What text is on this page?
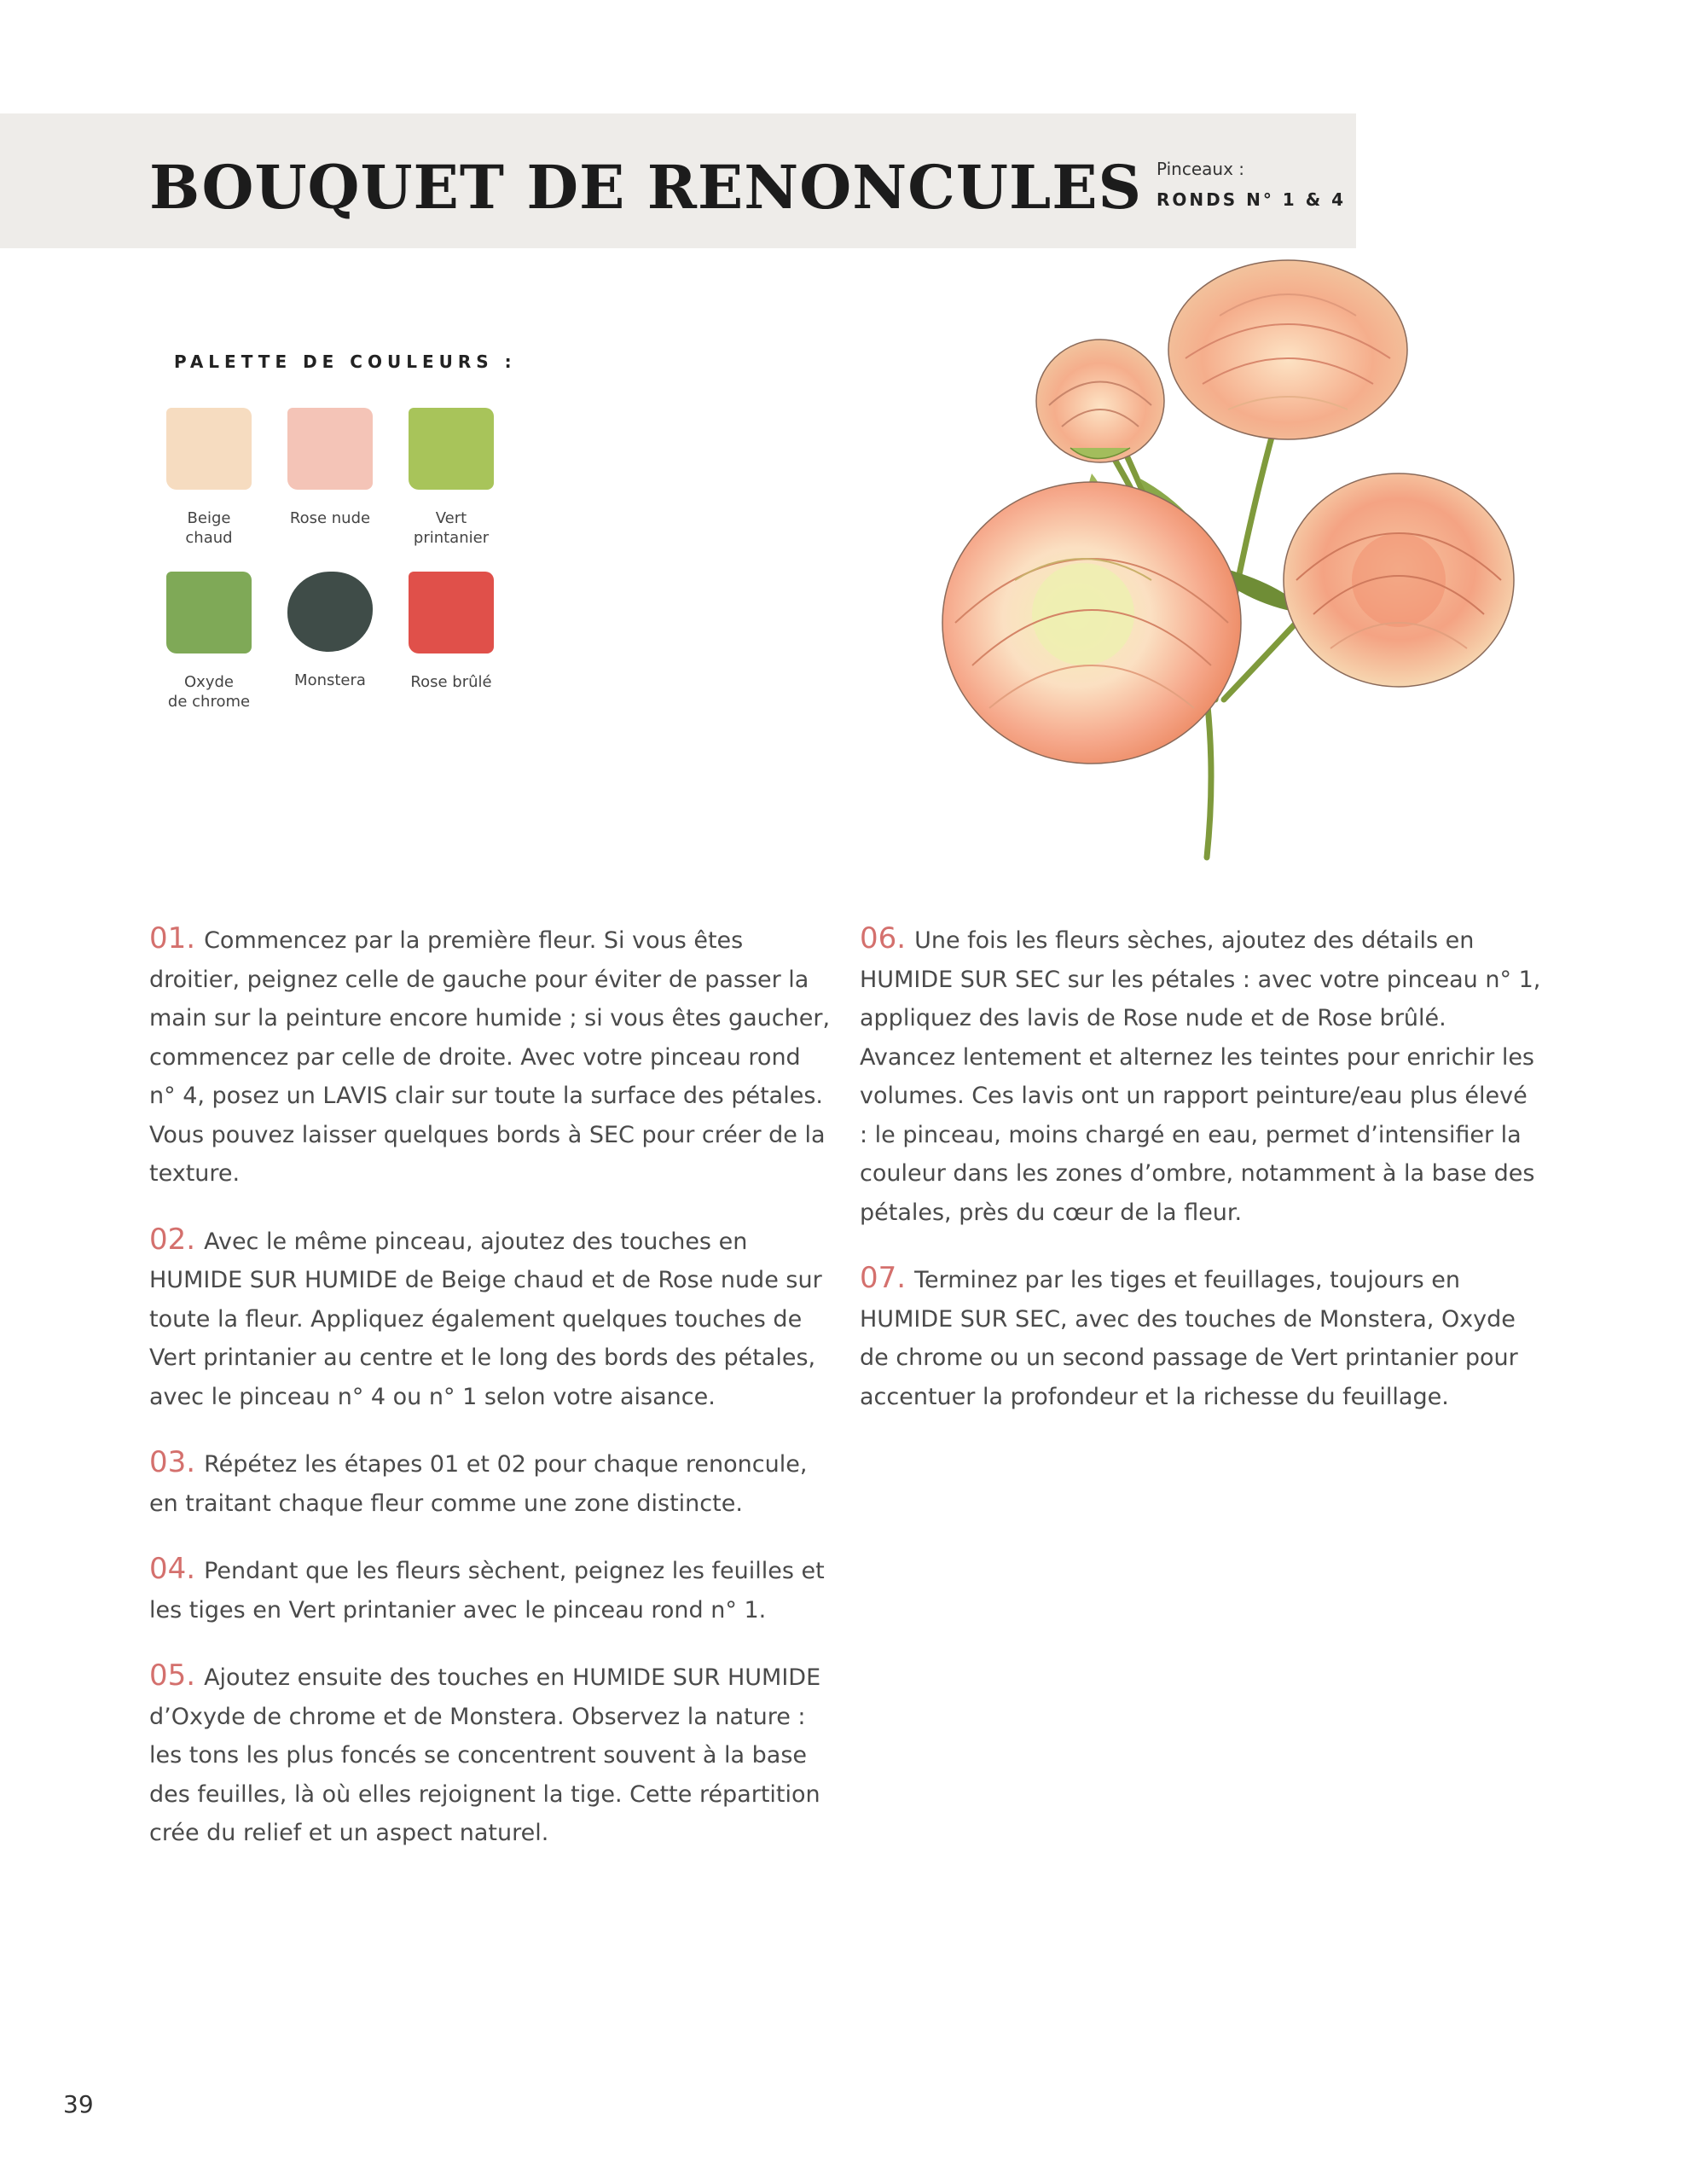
BOUQUET DE RENONCULES Pinceaux :
RONDS N° 1 & 4
PALETTE DE COULEURS :
Beige
chaud
Rose nude	Vert
printanier
Oxyde
de chrome
Monstera	Rose brûlé

01. Commencez par la première fleur. Si vous êtes droitier, peignez celle de gauche pour éviter de passer la main sur la peinture encore humide ; si vous êtes gaucher, commencez par celle de droite. Avec votre pinceau rond n° 4, posez un LAVIS clair sur toute la surface des pétales. Vous pouvez laisser quelques bords à SEC pour créer de la texture.

02. Avec le même pinceau, ajoutez des touches en HUMIDE SUR HUMIDE de Beige chaud et de Rose nude sur toute la fleur. Appliquez également quelques touches de Vert printanier au centre et le long des bords des pétales, avec le pinceau n° 4 ou n° 1 selon votre aisance.

03. Répétez les étapes 01 et 02 pour chaque renoncule, en traitant chaque fleur comme une zone distincte.

04. Pendant que les fleurs sèchent, peignez les feuilles et les tiges en Vert printanier avec le pinceau rond n° 1.

05. Ajoutez ensuite des touches en HUMIDE SUR HUMIDE d’Oxyde de chrome et de Monstera. Observez la nature : les tons les plus foncés se concentrent souvent à la base des feuilles, là où elles rejoignent la tige. Cette répartition crée du relief et un aspect naturel.

06. Une fois les fleurs sèches, ajoutez des détails en HUMIDE SUR SEC sur les pétales : avec votre pinceau n° 1, appliquez des lavis de Rose nude et de Rose brûlé. Avancez lentement et alternez les teintes pour enrichir les volumes. Ces lavis ont un rapport peinture/eau plus élevé : le pinceau, moins chargé en eau, permet d’intensifier la couleur dans les zones d’ombre, notamment à la base des pétales, près du cœur de la fleur.

07. Terminez par les tiges et feuillages, toujours en HUMIDE SUR SEC, avec des touches de Monstera, Oxyde de chrome ou un second passage de Vert printanier pour accentuer la profondeur et la richesse du feuillage.

39
